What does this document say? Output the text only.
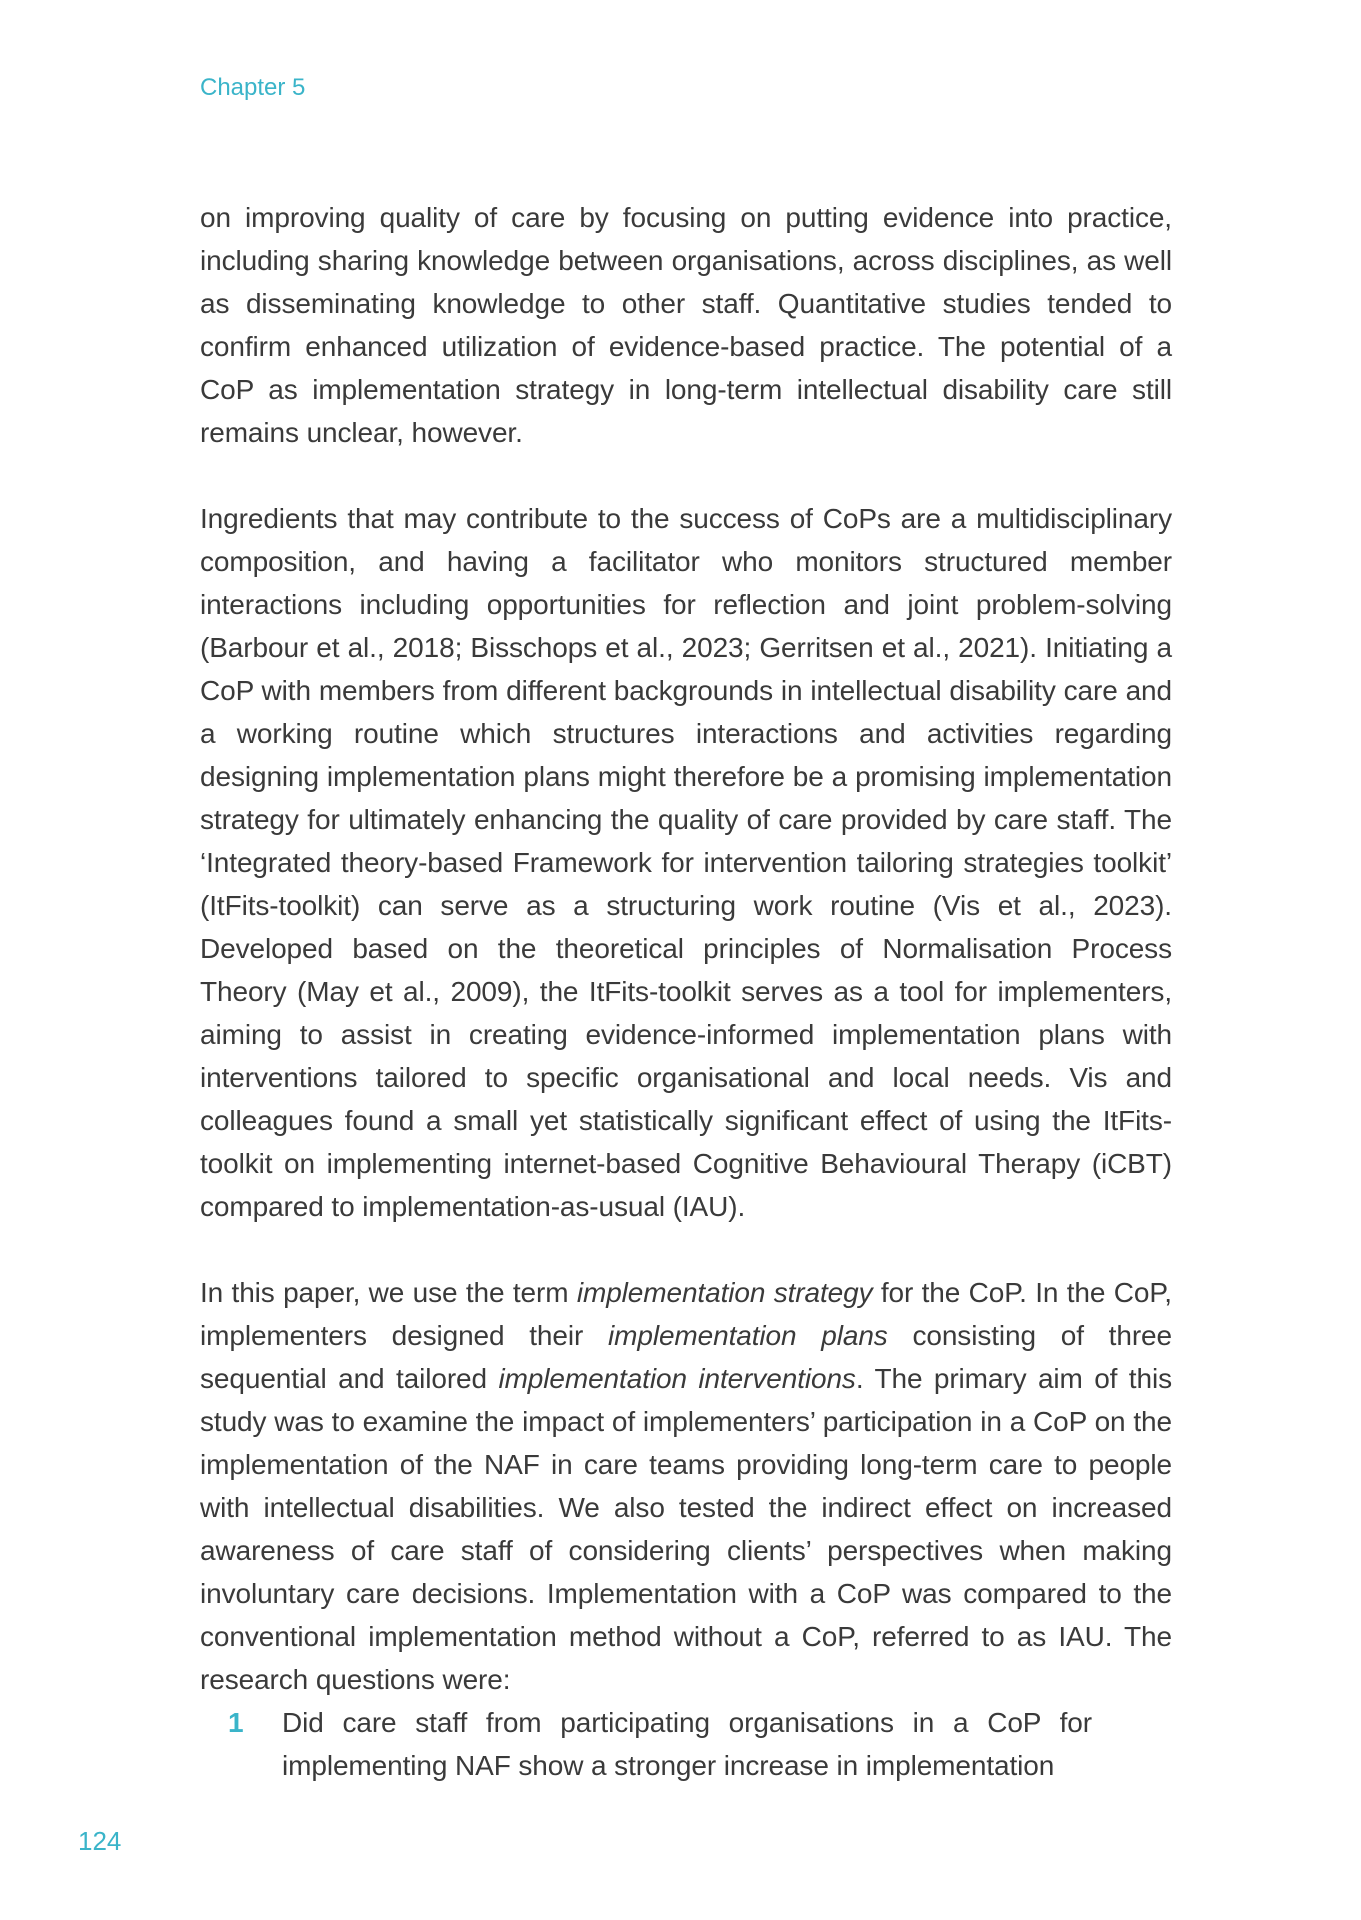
Chapter 5

on improving quality of care by focusing on putting evidence into practice, including sharing knowledge between organisations, across disciplines, as well as disseminating knowledge to other staff. Quantitative studies tended to confirm enhanced utilization of evidence-based practice. The potential of a CoP as implementation strategy in long-term intellectual disability care still remains unclear, however.

Ingredients that may contribute to the success of CoPs are a multidisciplinary composition, and having a facilitator who monitors structured member interactions including opportunities for reflection and joint problem-solving (Barbour et al., 2018; Bisschops et al., 2023; Gerritsen et al., 2021). Initiating a CoP with members from different backgrounds in intellectual disability care and a working routine which structures interactions and activities regarding designing implementation plans might therefore be a promising implementation strategy for ultimately enhancing the quality of care provided by care staff. The ‘Integrated theory-based Framework for intervention tailoring strategies toolkit’ (ItFits-toolkit) can serve as a structuring work routine (Vis et al., 2023). Developed based on the theoretical principles of Normalisation Process Theory (May et al., 2009), the ItFits-toolkit serves as a tool for implementers, aiming to assist in creating evidence-informed implementation plans with interventions tailored to specific organisational and local needs. Vis and colleagues found a small yet statistically significant effect of using the ItFits-toolkit on implementing internet-based Cognitive Behavioural Therapy (iCBT) compared to implementation-as-usual (IAU).

In this paper, we use the term implementation strategy for the CoP. In the CoP, implementers designed their implementation plans consisting of three sequential and tailored implementation interventions. The primary aim of this study was to examine the impact of implementers’ participation in a CoP on the implementation of the NAF in care teams providing long-term care to people with intellectual disabilities. We also tested the indirect effect on increased awareness of care staff of considering clients’ perspectives when making involuntary care decisions. Implementation with a CoP was compared to the conventional implementation method without a CoP, referred to as IAU. The research questions were:

1 Did care staff from participating organisations in a CoP for implementing NAF show a stronger increase in implementation
124
